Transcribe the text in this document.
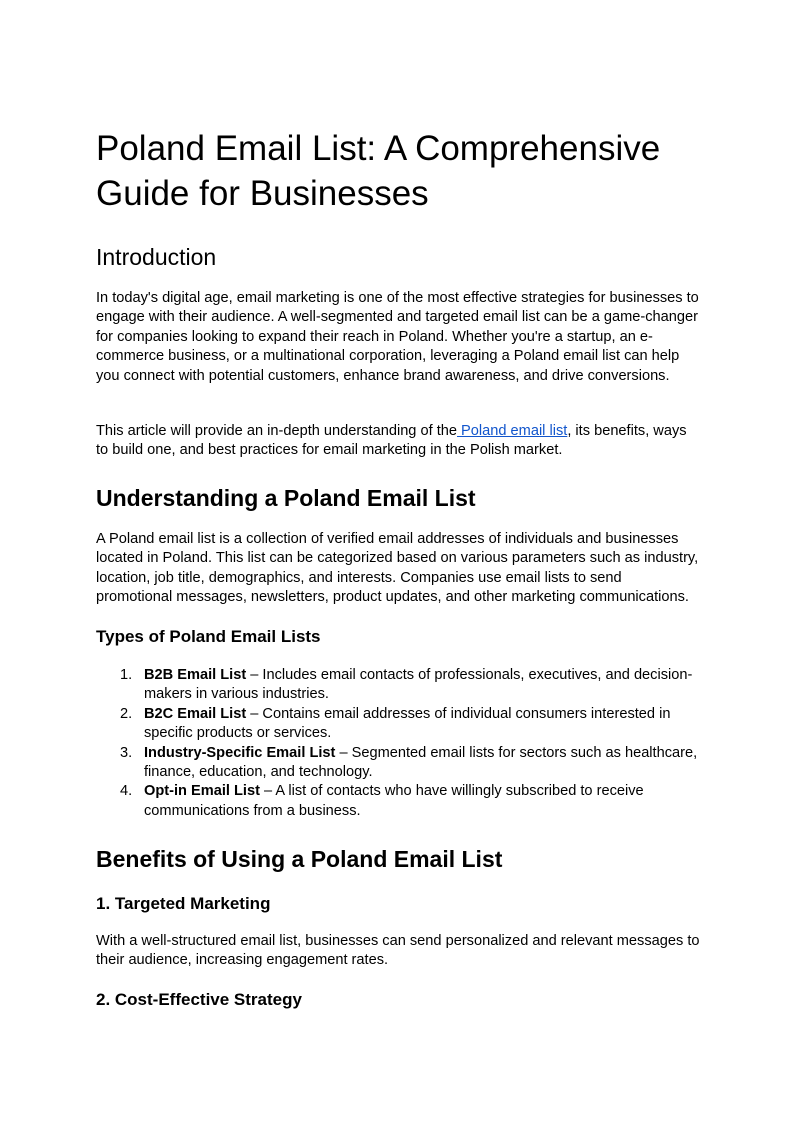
Poland Email List: A Comprehensive Guide for Businesses
Introduction

In today's digital age, email marketing is one of the most effective strategies for businesses to engage with their audience. A well-segmented and targeted email list can be a game-changer for companies looking to expand their reach in Poland. Whether you're a startup, an e-commerce business, or a multinational corporation, leveraging a Poland email list can help you connect with potential customers, enhance brand awareness, and drive conversions.

This article will provide an in-depth understanding of the Poland email list, its benefits, ways to build one, and best practices for email marketing in the Polish market.

Understanding a Poland Email List

A Poland email list is a collection of verified email addresses of individuals and businesses located in Poland. This list can be categorized based on various parameters such as industry, location, job title, demographics, and interests. Companies use email lists to send promotional messages, newsletters, product updates, and other marketing communications.

Types of Poland Email Lists
1. B2B Email List – Includes email contacts of professionals, executives, and decision-makers in various industries.
2. B2C Email List – Contains email addresses of individual consumers interested in specific products or services.
3. Industry-Specific Email List – Segmented email lists for sectors such as healthcare, finance, education, and technology.
4. Opt-in Email List – A list of contacts who have willingly subscribed to receive communications from a business.
Benefits of Using a Poland Email List
1. Targeted Marketing

With a well-structured email list, businesses can send personalized and relevant messages to their audience, increasing engagement rates.

2. Cost-Effective Strategy
